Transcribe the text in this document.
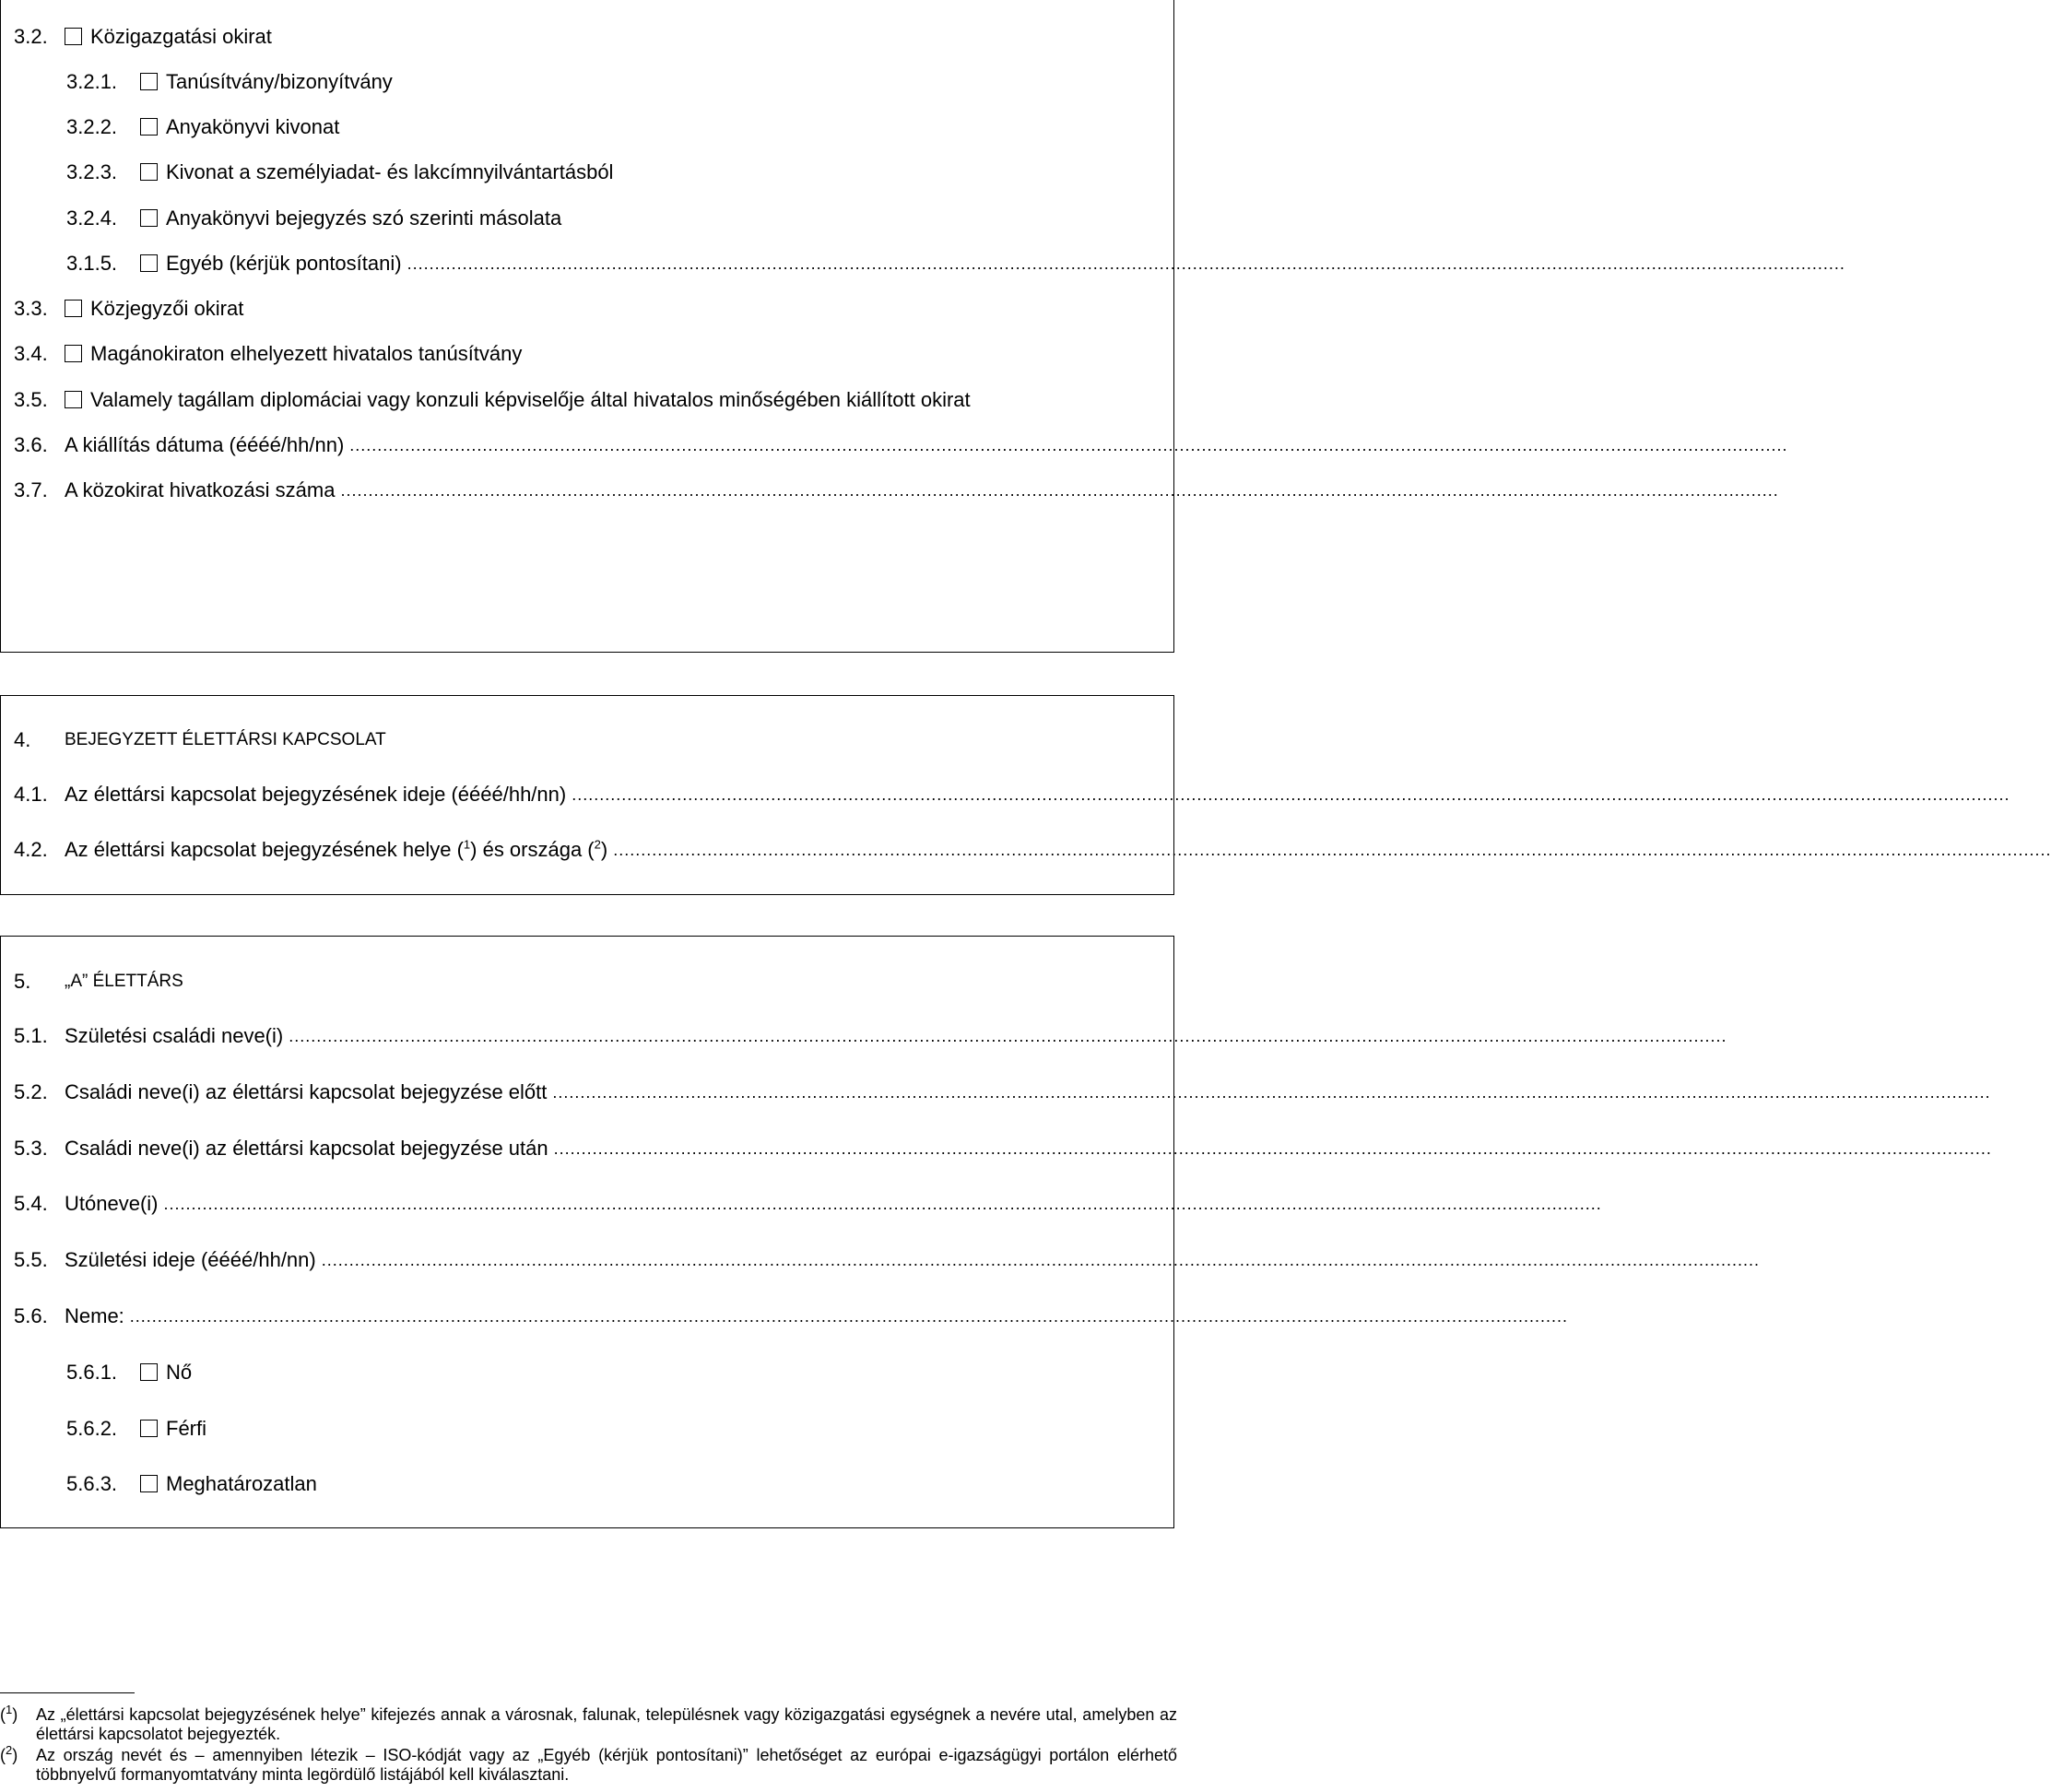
($^1$)	Az „élettársi kapcsolat bejegyzésének helye” kifejezés annak a városnak, falunak, településnek vagy közigazgatási egységnek a nevére utal, amelyben az élettársi kapcsolatot bejegyezték.
($^2$)	Az ország nevét és – amennyiben létezik – ISO-kódját vagy az „Egyéb (kérjük pontosítani)” lehetőséget az európai e-igazságügyi portálon elérhető többnyelvű formanyomtatvány minta legördülő listájából kell kiválasztani.
3.2.	Közigazgatási okirat
3.2.1.	Tanúsítvány/bizonyítvány
3.2.2.	Anyakönyvi kivonat
3.2.3.	Kivonat a személyiadat- és lakcímnyilvántartásból
3.2.4.	Anyakönyvi bejegyzés szó szerinti másolata
3.1.5.	Egyéb (kérjük pontosítani) ....................................................................................................................................................................................................................................................................
3.3.	Közjegyzői okirat
3.4.	Magánokiraton elhelyezett hivatalos tanúsítvány
3.5.	Valamely tagállam diplomáciai vagy konzuli képviselője által hivatalos minőségében kiállított okirat
3.6. A kiállítás dátuma (éééé/hh/nn) ....................................................................................................................................................................................................................................................................
3.7. A közokirat hivatkozási száma ....................................................................................................................................................................................................................................................................
4.	BEJEGYZETT ÉLETTÁRSI KAPCSOLAT
4.1. Az élettársi kapcsolat bejegyzésének ideje (éééé/hh/nn) ....................................................................................................................................................................................................................................................................
4.2. Az élettársi kapcsolat bejegyzésének helye ($^1$) és országa ($^2$) ....................................................................................................................................................................................................................................................................
5.	„A” ÉLETTÁRS
5.1. Születési családi neve(i) ....................................................................................................................................................................................................................................................................
5.2. Családi neve(i) az élettársi kapcsolat bejegyzése előtt ....................................................................................................................................................................................................................................................................
5.3. Családi neve(i) az élettársi kapcsolat bejegyzése után ....................................................................................................................................................................................................................................................................
5.4. Utóneve(i) ....................................................................................................................................................................................................................................................................
5.5. Születési ideje (éééé/hh/nn) ....................................................................................................................................................................................................................................................................
5.6. Neme: ....................................................................................................................................................................................................................................................................
5.6.1.	Nő
5.6.2.	Férfi
5.6.3.	Meghatározatlan
